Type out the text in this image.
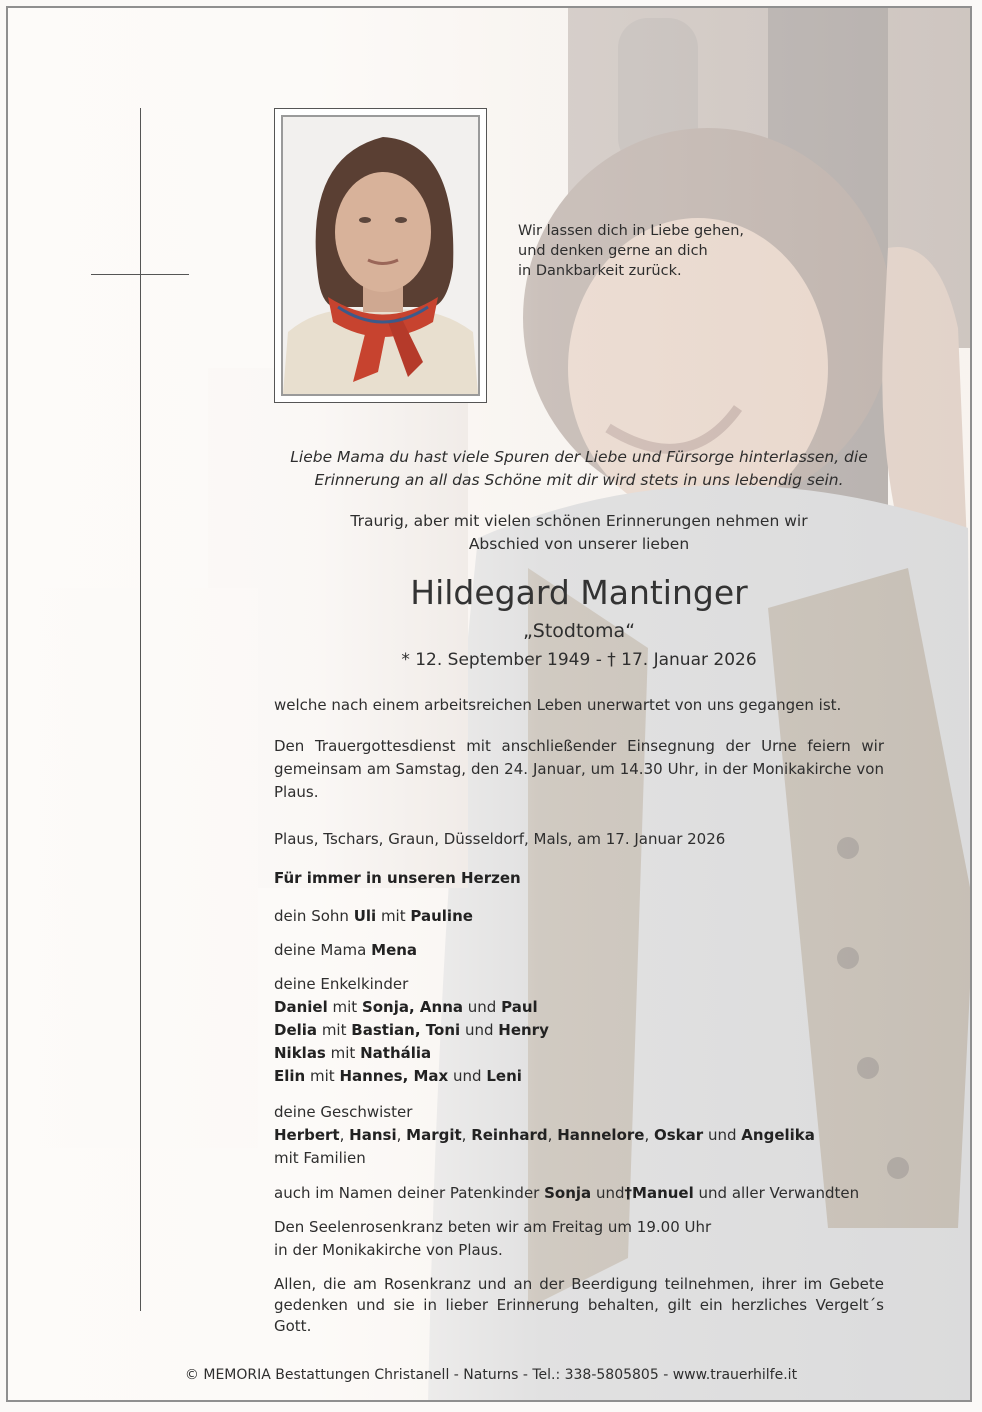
Wir lassen dich in Liebe gehen,
und denken gerne an dich
in Dankbarkeit zurück.
Liebe Mama du hast viele Spuren der Liebe und Fürsorge hinterlassen, die
Erinnerung an all das Schöne mit dir wird stets in uns lebendig sein.
Traurig, aber mit vielen schönen Erinnerungen nehmen wir
Abschied von unserer lieben
Hildegard Mantinger
„Stodtoma“
* 12. September 1949 - † 17. Januar 2026
welche nach einem arbeitsreichen Leben unerwartet von uns gegangen ist.
Den Trauergottesdienst mit anschließender Einsegnung der Urne feiern wir gemeinsam am Samstag, den 24. Januar, um 14.30 Uhr, in der Monikakirche von Plaus.
Plaus, Tschars, Graun, Düsseldorf, Mals, am 17. Januar 2026
Für immer in unseren Herzen
dein Sohn Uli mit Pauline
deine Mama Mena
deine Enkelkinder
Daniel mit Sonja, Anna und Paul
Delia mit Bastian, Toni und Henry
Niklas mit Nathália
Elin mit Hannes, Max und Leni
deine Geschwister
Herbert, Hansi, Margit, Reinhard, Hannelore, Oskar und Angelika
mit Familien
auch im Namen deiner Patenkinder Sonja und†Manuel und aller Verwandten
Den Seelenrosenkranz beten wir am Freitag um 19.00 Uhr
in der Monikakirche von Plaus.
Allen, die am Rosenkranz und an der Beerdigung teilnehmen, ihrer im Gebete gedenken und sie in lieber Erinnerung behalten, gilt ein herzliches Vergelt´s Gott.
© MEMORIA Bestattungen Christanell - Naturns - Tel.: 338-5805805 - www.trauerhilfe.it
